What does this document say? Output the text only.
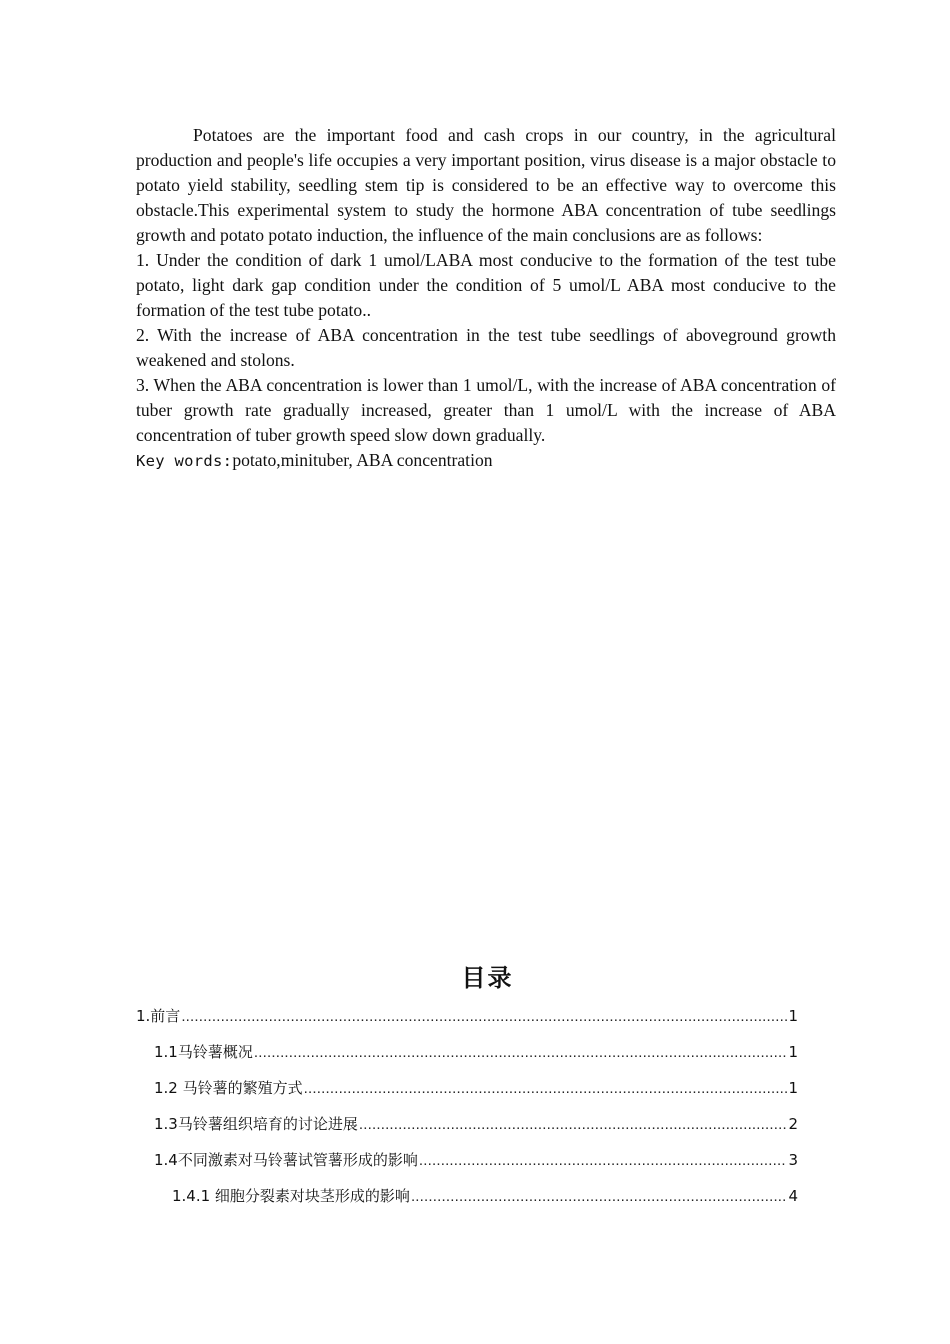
Potatoes are the important food and cash crops in our country, in the agricultural production and people's life occupies a very important position, virus disease is a major obstacle to potato yield stability, seedling stem tip is considered to be an effective way to overcome this obstacle.This experimental system to study the hormone ABA concentration of tube seedlings growth and potato potato induction, the influence of the main conclusions are as follows:

1. Under the condition of dark 1 umol/LABA most conducive to the formation of the test tube potato, light dark gap condition under the condition of 5 umol/L ABA most conducive to the formation of the test tube potato..

2. With the increase of ABA concentration in the test tube seedlings of aboveground growth weakened and stolons.

3. When the ABA concentration is lower than 1 umol/L, with the increase of ABA concentration of tuber growth rate gradually increased, greater than 1 umol/L with the increase of ABA concentration of tuber growth speed slow down gradually.

Key words:potato,minituber, ABA concentration

目录
1.前言 .....	1
1.1马铃薯概况 .....	1
1.2 马铃薯的繁殖方式 .....	1
1.3马铃薯组织培育的讨论进展 .....	2
1.4不同激素对马铃薯试管薯形成的影响 .....	3
1.4.1 细胞分裂素对块茎形成的影响 .....	4
